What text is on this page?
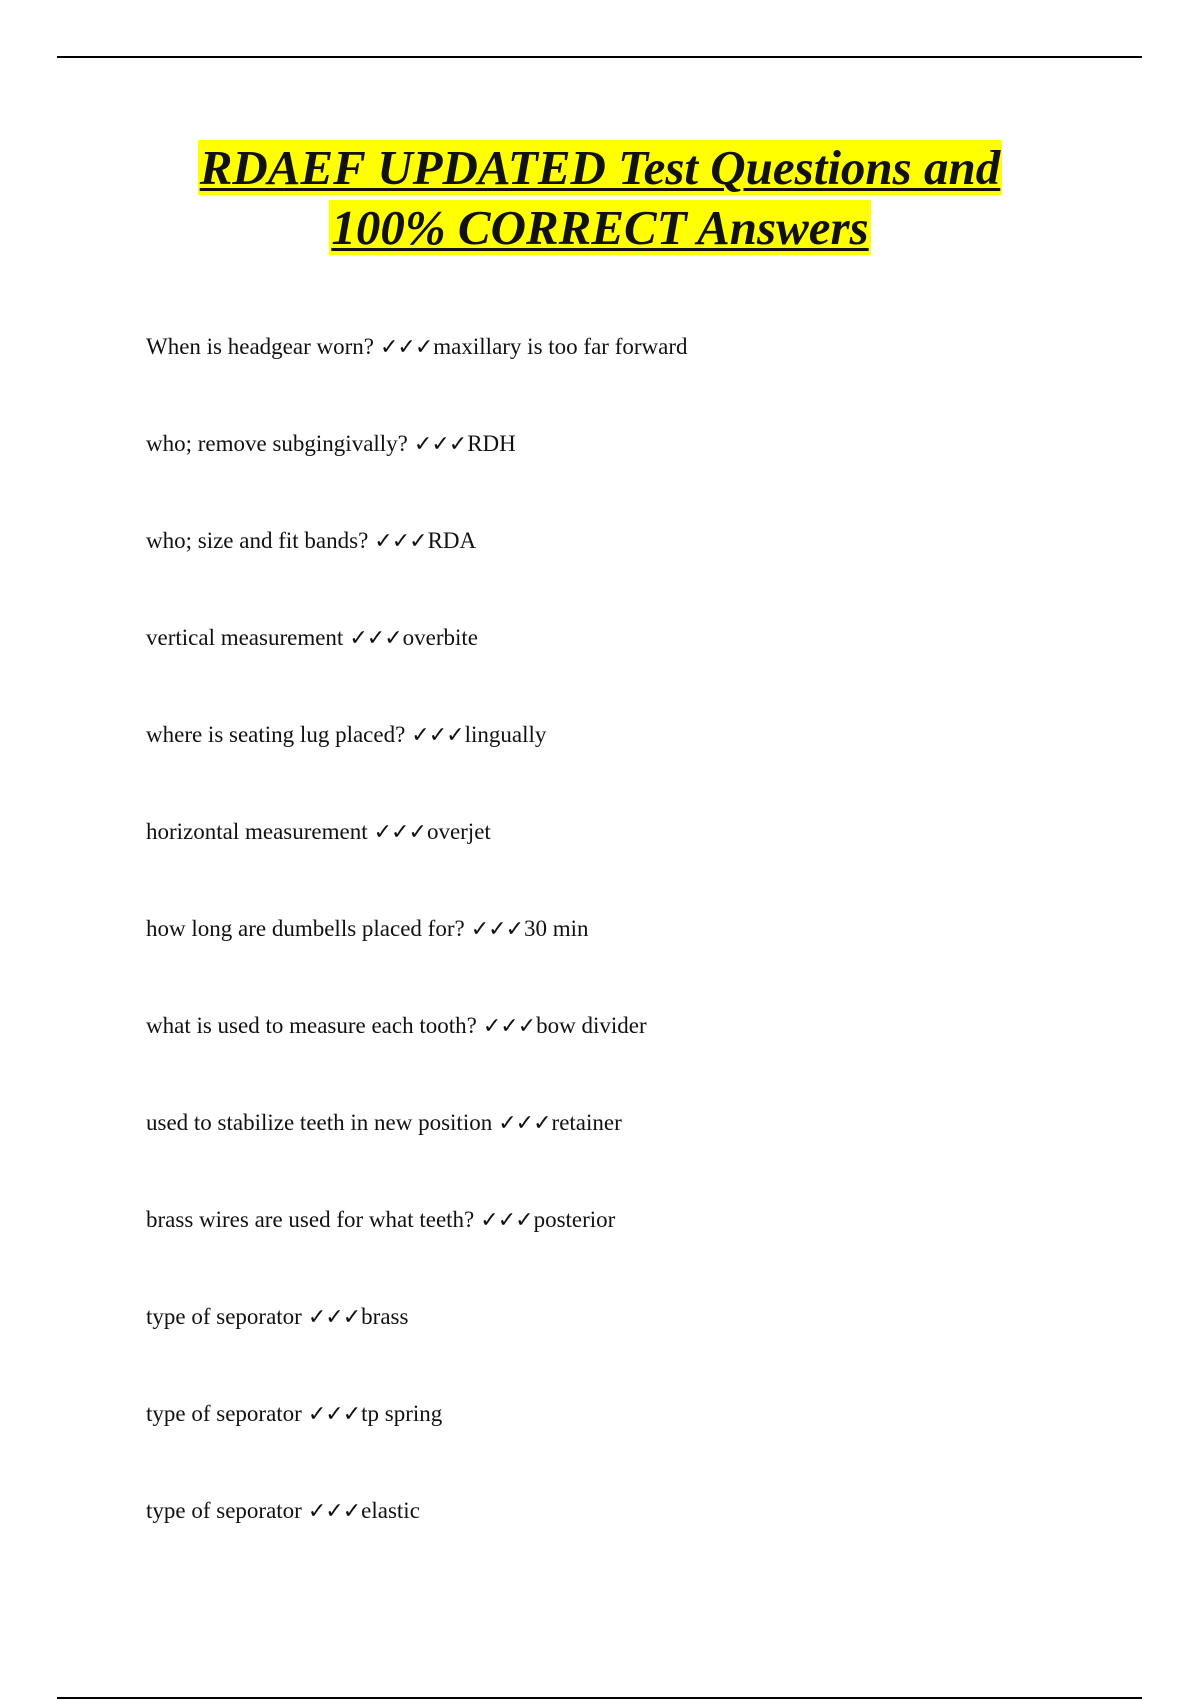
RDAEF UPDATED Test Questions and
100% CORRECT Answers
When is headgear worn? ✓✓✓maxillary is too far forward
who; remove subgingivally? ✓✓✓RDH
who; size and fit bands? ✓✓✓RDA
vertical measurement ✓✓✓overbite
where is seating lug placed? ✓✓✓lingually
horizontal measurement ✓✓✓overjet
how long are dumbells placed for? ✓✓✓30 min
what is used to measure each tooth? ✓✓✓bow divider
used to stabilize teeth in new position ✓✓✓retainer
brass wires are used for what teeth? ✓✓✓posterior
type of seporator ✓✓✓brass
type of seporator ✓✓✓tp spring
type of seporator ✓✓✓elastic
